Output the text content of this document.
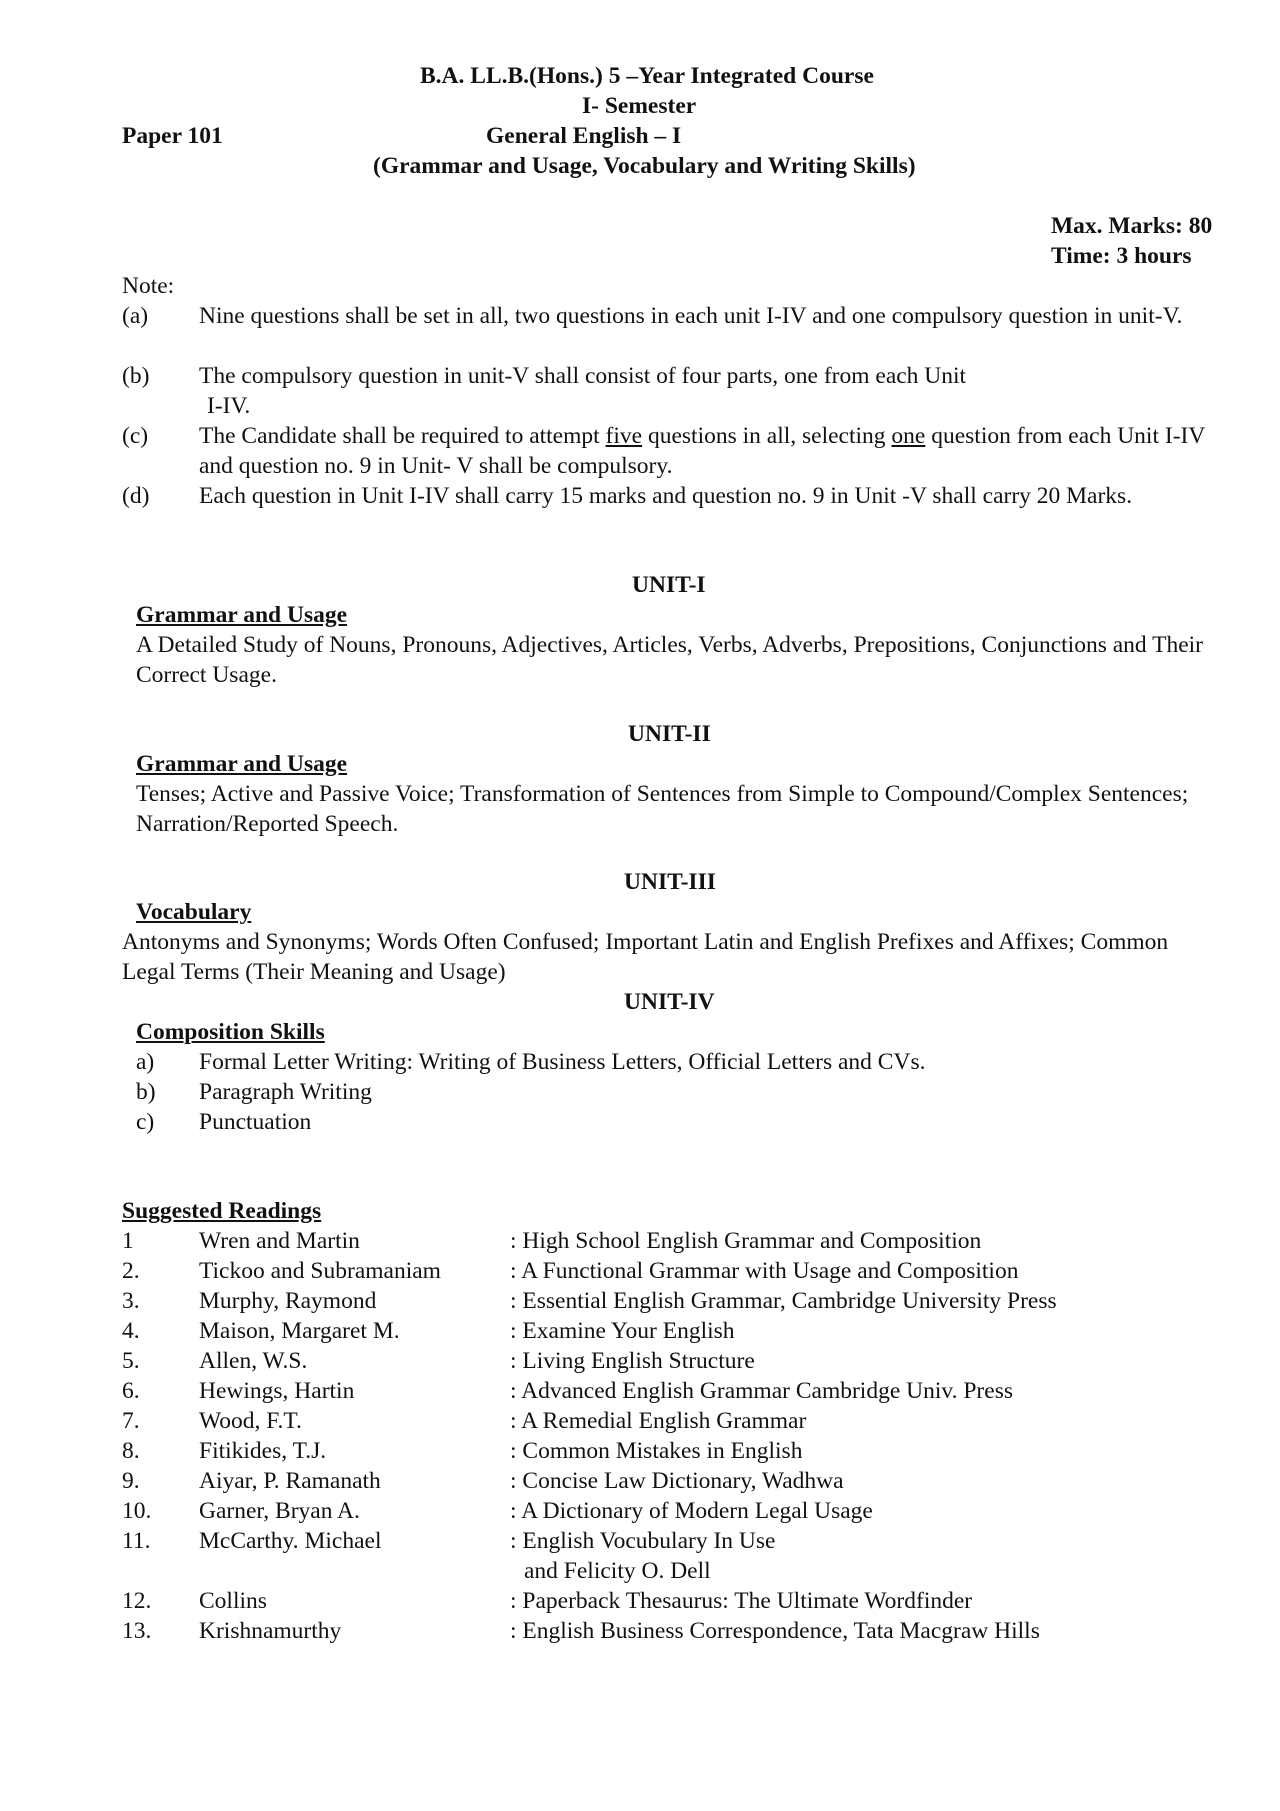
B.A. LL.B.(Hons.) 5 –Year Integrated Course
I- Semester
Paper 101	General English – I
(Grammar and Usage, Vocabulary and Writing Skills)
Max. Marks: 80
Time: 3 hours
Note:
(a) Nine questions shall be set in all, two questions in each unit I-IV and one compulsory question in unit-V.
(b) The compulsory question in unit-V shall consist of four parts, one from each Unit
I-IV.
(c) The Candidate shall be required to attempt five questions in all, selecting one question from each Unit I-IV and question no. 9 in Unit- V shall be compulsory.
(d) Each question in Unit I-IV shall carry 15 marks and question no. 9 in Unit -V shall carry 20 Marks.
UNIT-I
Grammar and Usage
A Detailed Study of Nouns, Pronouns, Adjectives, Articles, Verbs, Adverbs, Prepositions, Conjunctions and Their Correct Usage.
UNIT-II
Grammar and Usage
Tenses; Active and Passive Voice; Transformation of Sentences from Simple to Compound/Complex Sentences; Narration/Reported Speech.
UNIT-III
Vocabulary
Antonyms and Synonyms; Words Often Confused; Important Latin and English Prefixes and Affixes; Common Legal Terms (Their Meaning and Usage)
UNIT-IV
Composition Skills
a) Formal Letter Writing: Writing of Business Letters, Official Letters and CVs.
b) Paragraph Writing
c) Punctuation
Suggested Readings
1	Wren and Martin	: High School English Grammar and Composition
2.	Tickoo and Subramaniam	: A Functional Grammar with Usage and Composition
3.	Murphy, Raymond	: Essential English Grammar, Cambridge University Press
4.	Maison, Margaret M.	: Examine Your English
5.	Allen, W.S.	: Living English Structure
6.	Hewings, Hartin	: Advanced English Grammar Cambridge Univ. Press
7.	Wood, F.T.	: A Remedial English Grammar
8.	Fitikides, T.J.	: Common Mistakes in English
9.	Aiyar, P. Ramanath	: Concise Law Dictionary, Wadhwa
10. Garner, Bryan A.	: A Dictionary of Modern Legal Usage
11. McCarthy. Michael	: English Vocubulary In Use
and Felicity O. Dell
12. Collins	: Paperback Thesaurus: The Ultimate Wordfinder
13. Krishnamurthy	: English Business Correspondence, Tata Macgraw Hills
